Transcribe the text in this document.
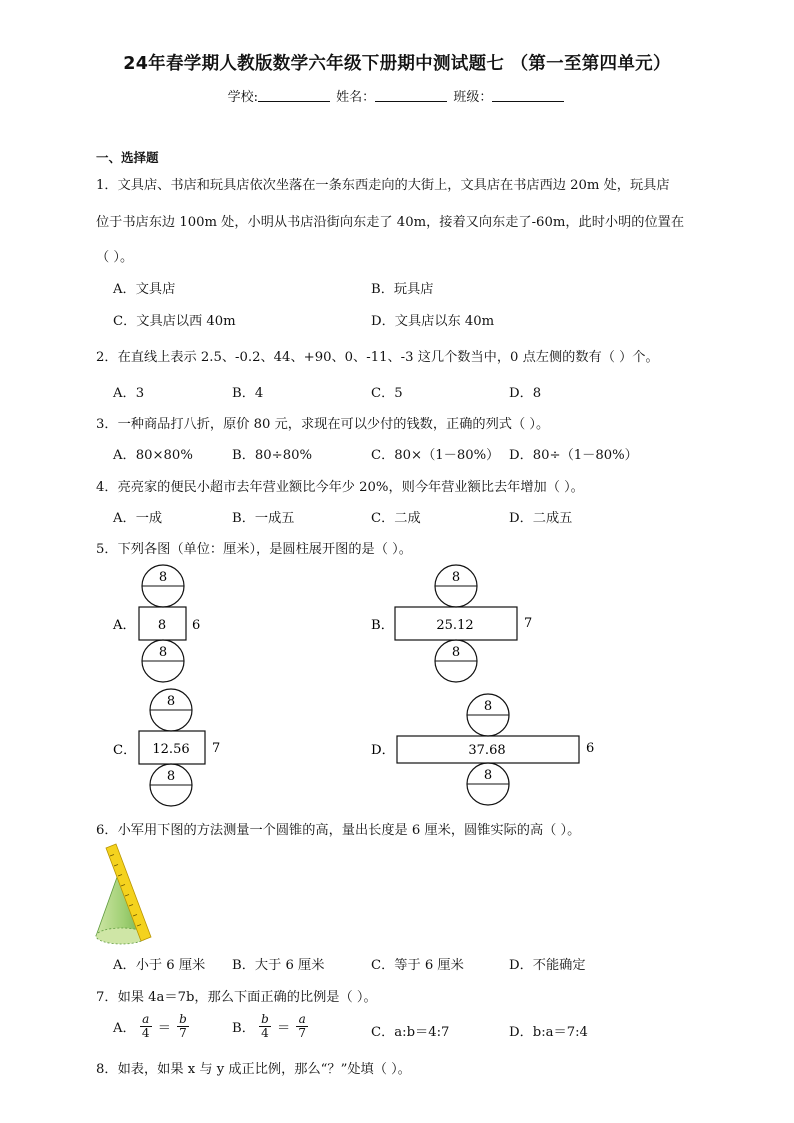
24年春学期人教版数学六年级下册期中测试题七 （第一至第四单元）
学校:	姓名：	班级：
一、选择题
1．文具店、书店和玩具店依次坐落在一条东西走向的大街上，文具店在书店西边 20m 处，玩具店
位于书店东边 100m 处，小明从书店沿街向东走了 40m，接着又向东走了-60m，此时小明的位置在
（ ）。
A．文具店	B．玩具店
C．文具店以西 40m	D．文具店以东 40m
2．在直线上表示 2.5、-0.2、44、+90、0、-11、-3 这几个数当中，0 点左侧的数有（ ）个。
A．3	B．4	C．5	D．8
3．一种商品打八折，原价 80 元，求现在可以少付的钱数，正确的列式（ ）。
A．80×80%	B．80÷80%	C．80×（1－80%） D．80÷（1－80%）
4．亮亮家的便民小超市去年营业额比今年少 20%，则今年营业额比去年增加（ ）。
A．一成	B．一成五	C．二成	D．二成五
5．下列各图（单位：厘米），是圆柱展开图的是（ ）。
A．
8
8 6
8
B．
8
25.12	7
8
C．
8
12.56 7
8
D．
8
37.68	6
8
6．小军用下图的方法测量一个圆锥的高，量出长度是 6 厘米，圆锥实际的高（ ）。
A．小于 6 厘米 B．大于 6 厘米	C．等于 6 厘米	D．不能确定
7．如果 4a＝7b，那么下面正确的比例是（ ）。
A． $\frac{a}{4} = \frac{b}{7}$	B． $\frac{b}{4} = \frac{a}{7}$	C．a:b＝4:7	D．b:a＝7:4
8．如表，如果 x 与 y 成正比例，那么“？”处填（ ）。
